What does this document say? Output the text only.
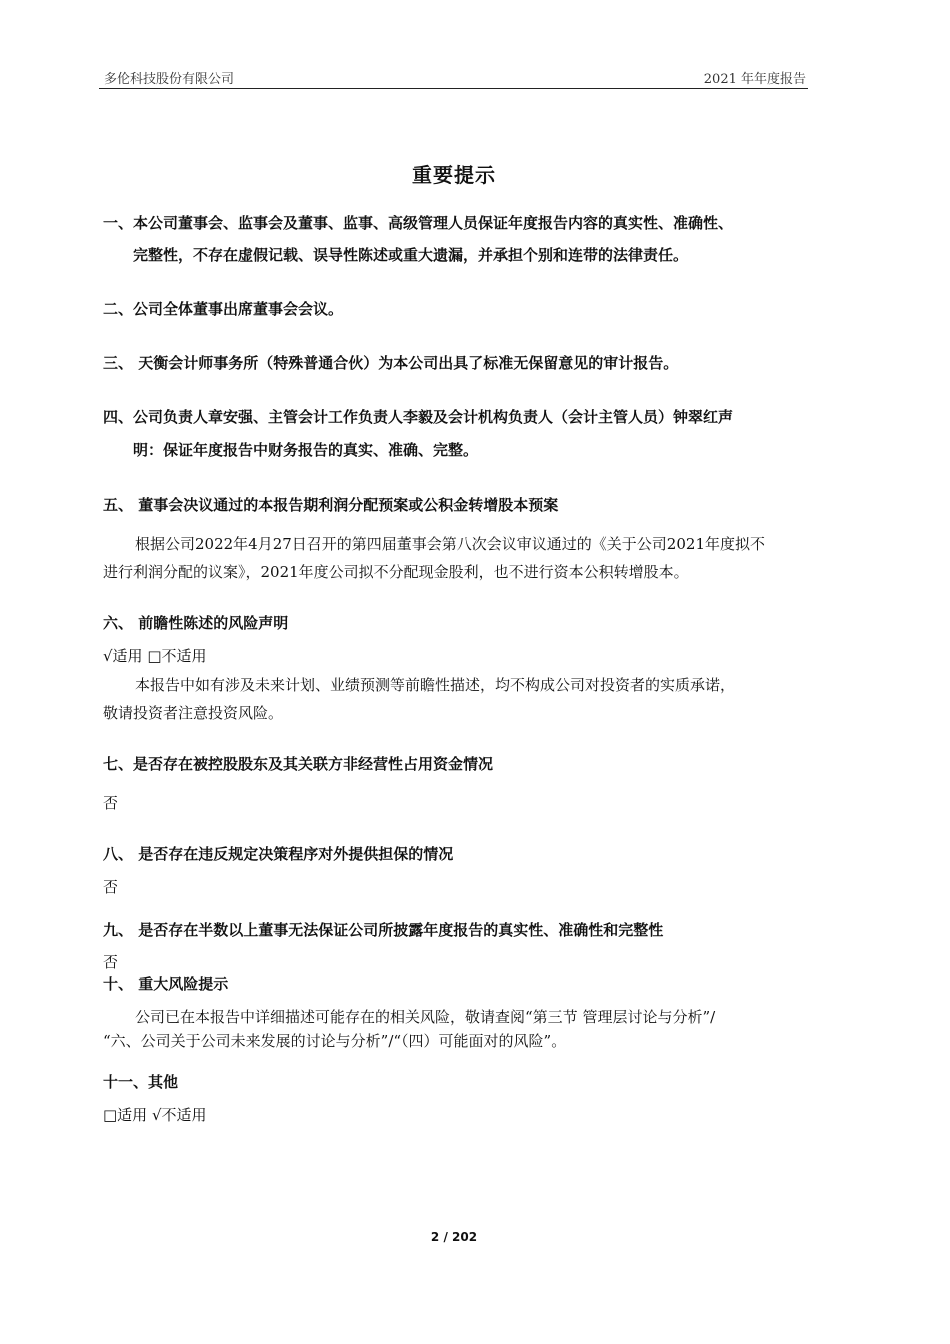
多伦科技股份有限公司	2021 年年度报告
重要提示
一、本公司董事会、监事会及董事、监事、高级管理人员保证年度报告内容的真实性、准确性、
完整性，不存在虚假记载、误导性陈述或重大遗漏，并承担个别和连带的法律责任。
二、公司全体董事出席董事会会议。
三、 天衡会计师事务所（特殊普通合伙）为本公司出具了标准无保留意见的审计报告。
四、公司负责人章安强、主管会计工作负责人李毅及会计机构负责人（会计主管人员）钟翠红声
明：保证年度报告中财务报告的真实、准确、完整。
五、 董事会决议通过的本报告期利润分配预案或公积金转增股本预案
根据公司2022年4月27日召开的第四届董事会第八次会议审议通过的《关于公司2021年度拟不
进行利润分配的议案》，2021年度公司拟不分配现金股利，也不进行资本公积转增股本。
六、 前瞻性陈述的风险声明
√适用 □不适用
本报告中如有涉及未来计划、业绩预测等前瞻性描述，均不构成公司对投资者的实质承诺，
敬请投资者注意投资风险。
七、是否存在被控股股东及其关联方非经营性占用资金情况
否
八、 是否存在违反规定决策程序对外提供担保的情况
否
九、 是否存在半数以上董事无法保证公司所披露年度报告的真实性、准确性和完整性
否
十、 重大风险提示
公司已在本报告中详细描述可能存在的相关风险，敬请查阅“第三节 管理层讨论与分析”/
“六、公司关于公司未来发展的讨论与分析”/“（四）可能面对的风险”。
十一、其他
□适用 √不适用
2 / 202
